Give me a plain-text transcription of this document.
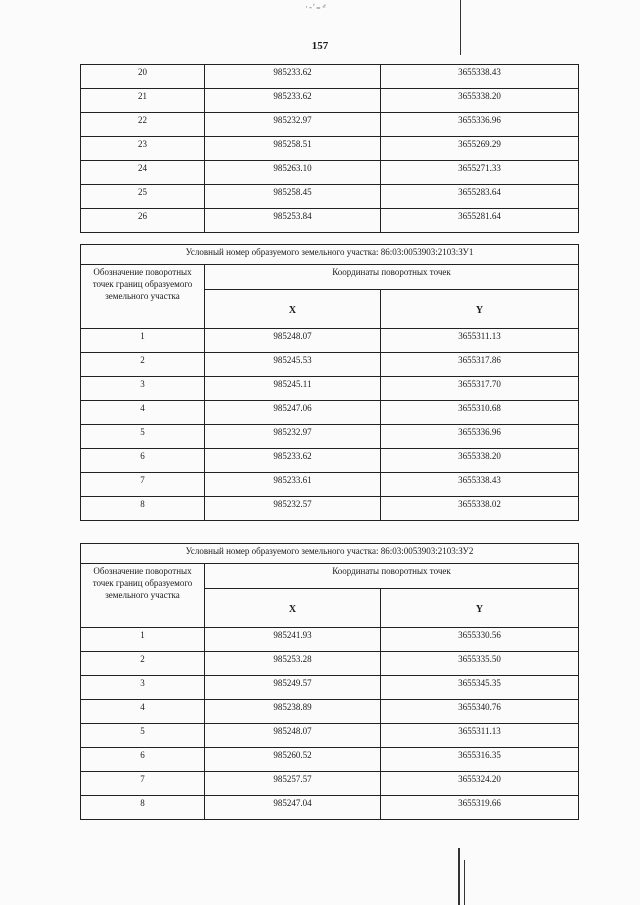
·-ʹ₌·ͤ
157
20	985233.62	3655338.43
21	985233.62	3655338.20
22	985232.97	3655336.96
23	985258.51	3655269.29
24	985263.10	3655271.33
25	985258.45	3655283.64
26	985253.84	3655281.64
Условный номер образуемого земельного участка: 86:03:0053903:2103:ЗУ1		
Обозначение поворотных точек границ образуемого земельного участка	Координаты поворотных точек	
	X	Y
1	985248.07	3655311.13
2	985245.53	3655317.86
3	985245.11	3655317.70
4	985247.06	3655310.68
5	985232.97	3655336.96
6	985233.62	3655338.20
7	985233.61	3655338.43
8	985232.57	3655338.02
Условный номер образуемого земельного участка: 86:03:0053903:2103:ЗУ2		
Обозначение поворотных точек границ образуемого земельного участка	Координаты поворотных точек	
	X	Y
1	985241.93	3655330.56
2	985253.28	3655335.50
3	985249.57	3655345.35
4	985238.89	3655340.76
5	985248.07	3655311.13
6	985260.52	3655316.35
7	985257.57	3655324.20
8	985247.04	3655319.66
